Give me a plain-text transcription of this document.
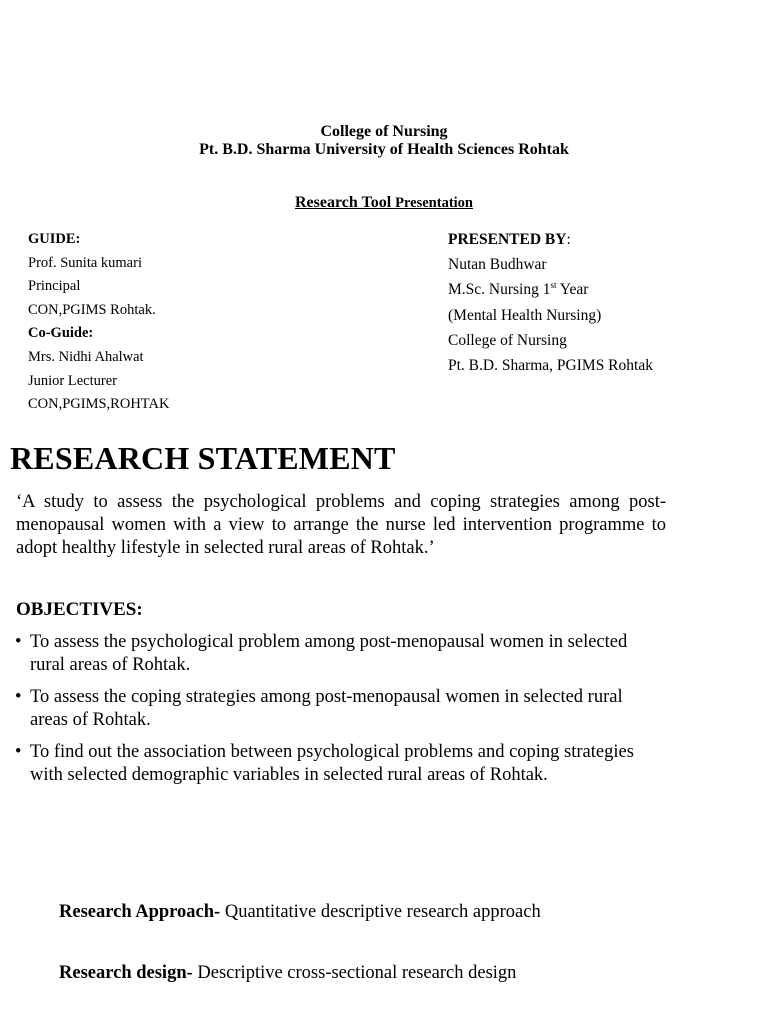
College of Nursing
Pt. B.D. Sharma University of Health Sciences Rohtak
Research Tool Presentation
GUIDE:
Prof. Sunita kumari
Principal
CON,PGIMS Rohtak.
Co-Guide:
Mrs. Nidhi Ahalwat
Junior Lecturer
CON,PGIMS,ROHTAK
PRESENTED BY:
Nutan Budhwar
M.Sc. Nursing 1st Year
(Mental Health Nursing)
College of Nursing
Pt. B.D. Sharma, PGIMS Rohtak
RESEARCH STATEMENT
‘A study to assess the psychological problems and coping strategies among post-menopausal women with a view to arrange the nurse led intervention programme to adopt healthy lifestyle in selected rural areas of Rohtak.’
OBJECTIVES:
• To assess the psychological problem among post-menopausal women in selected rural areas of Rohtak.
• To assess the coping strategies among post-menopausal women in selected rural areas of Rohtak.
• To find out the association between psychological problems and coping strategies with selected demographic variables in selected rural areas of Rohtak.
Research Approach- Quantitative descriptive research approach
Research design- Descriptive cross-sectional research design
